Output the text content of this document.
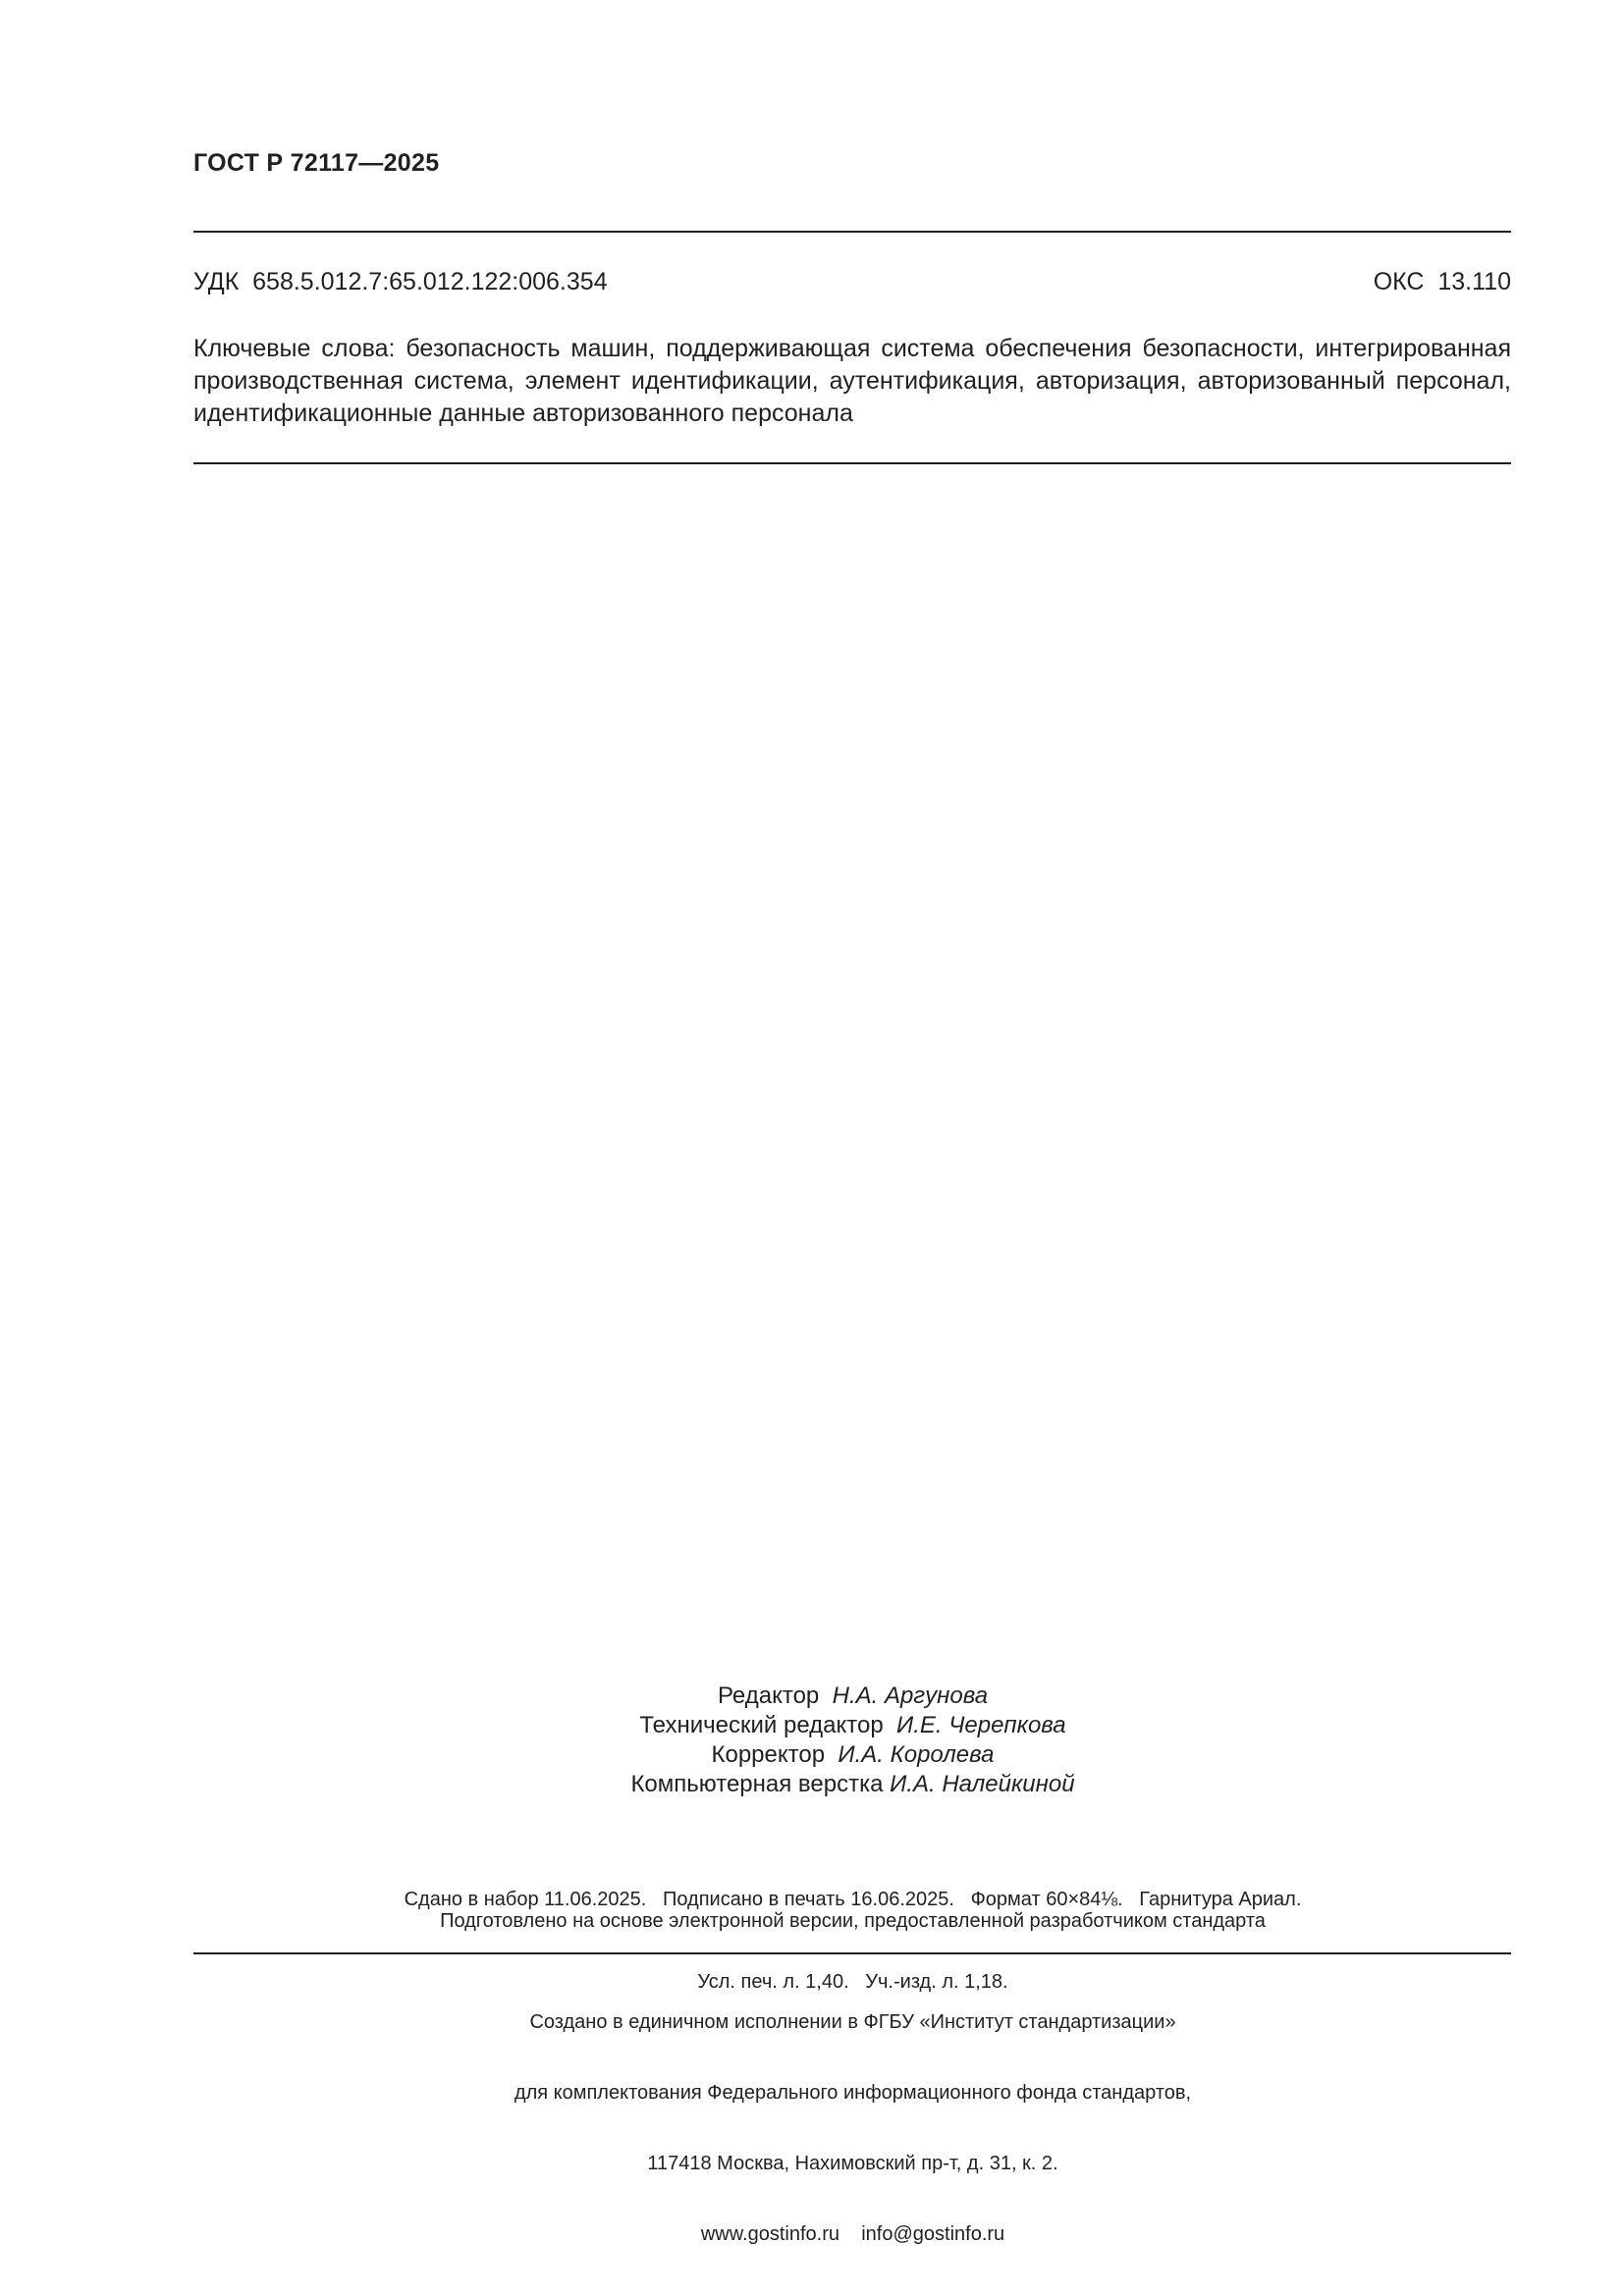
ГОСТ Р 72117—2025
УДК  658.5.012.7:65.012.122:006.354	ОКС  13.110
Ключевые слова: безопасность машин, поддерживающая система обеспечения безопасности, интегрированная производственная система, элемент идентификации, аутентификация, авторизация, авторизованный персонал, идентификационные данные авторизованного персонала
Редактор Н.А. Аргунова
Технический редактор И.Е. Черепкова
Корректор И.А. Королева
Компьютерная верстка И.А. Налейкиной

Сдано в набор 11.06.2025.   Подписано в печать 16.06.2025.   Формат 60×84⅛.   Гарнитура Ариал.

Усл. печ. л. 1,40.   Уч.-изд. л. 1,18.

Подготовлено на основе электронной версии, предоставленной разработчиком стандарта

Создано в единичном исполнении в ФГБУ «Институт стандартизации»

для комплектования Федерального информационного фонда стандартов,

117418 Москва, Нахимовский пр-т, д. 31, к. 2.

www.gostinfo.ru    info@gostinfo.ru
